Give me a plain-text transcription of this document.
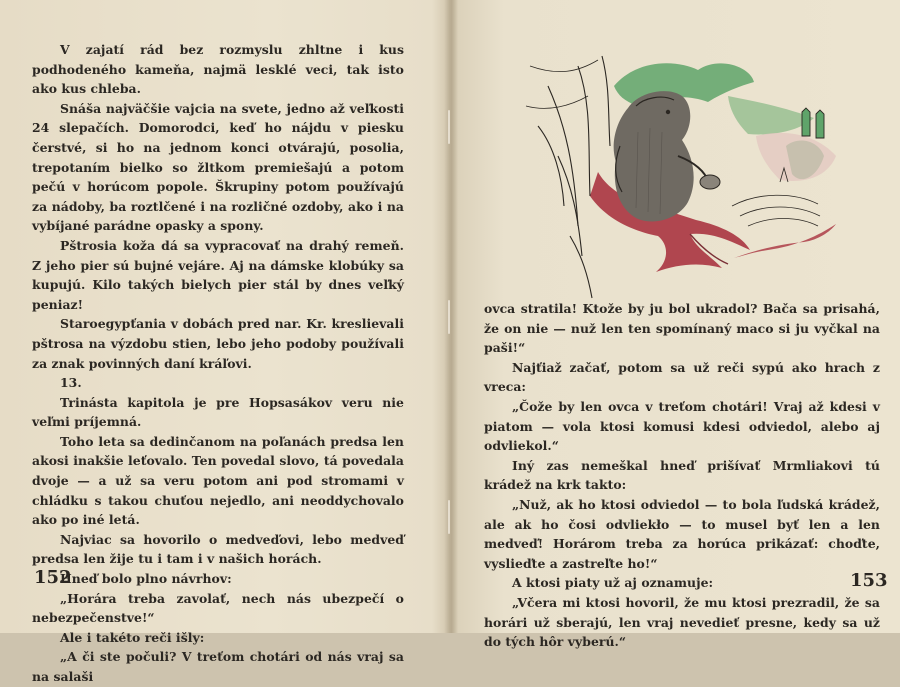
V zajatí rád bez rozmyslu zhltne i kus podhodeného kameňa, najmä lesklé veci, tak isto ako kus chleba.

Snáša najväčšie vajcia na svete, jedno až veľkosti 24 slepačích. Domorodci, keď ho nájdu v piesku čerstvé, si ho na jednom konci otvárajú, posolia, trepotaním bielko so žltkom premiešajú a potom pečú v horúcom popole. Škrupiny potom používajú za nádoby, ba roztlčené i na rozličné ozdoby, ako i na vybíjané parádne opasky a spony.

Pštrosia koža dá sa vypracovať na drahý remeň. Z jeho pier sú bujné vejáre. Aj na dámske klobúky sa kupujú. Kilo takých bielych pier stál by dnes veľký peniaz!

Staroegypťania v dobách pred nar. Kr. kreslievali pštrosa na výzdobu stien, lebo jeho podoby používali za znak povinných daní kráľovi.

13.

Trinásta kapitola je pre Hopsasákov veru nie veľmi príjemná.

Toho leta sa dedinčanom na poľanách predsa len akosi inakšie leťovalo. Ten povedal slovo, tá povedala dvoje — a už sa veru potom ani pod stromami v chládku s takou chuťou nejedlo, ani neoddychovalo ako po iné letá.

Najviac sa hovorilo o medveďovi, lebo medveď predsa len žije tu i tam i v našich horách.

Hneď bolo plno návrhov:

„Horára treba zavolať, nech nás ubezpečí o nebezpečenstve!“

Ale i takéto reči išly:

„A či ste počuli? V treťom chotári od nás vraj sa na salaši

152

ovca stratila! Ktože by ju bol ukradol? Bača sa prisahá, že on nie — nuž len ten spomínaný maco si ju vyčkal na paši!“

Najťiaž začať, potom sa už reči sypú ako hrach z vreca:

„Čože by len ovca v treťom chotári! Vraj až kdesi v piatom — vola ktosi komusi kdesi odviedol, alebo aj odvliekol.“

Iný zas nemeškal hneď prišívať Mrmliakovi tú krádež na krk takto:

„Nuž, ak ho ktosi odviedol — to bola ľudská krádež, ale ak ho čosi odvliekło — to musel byť len a len medveď! Horárom treba za horúca prikázať: choďte, vyslieďte a zastreľte ho!“

A ktosi piaty už aj oznamuje:

„Včera mi ktosi hovoril, že mu ktosi prezradil, že sa horári už sberajú, len vraj nevedieť presne, kedy sa už do tých hôr vyberú.“

153
